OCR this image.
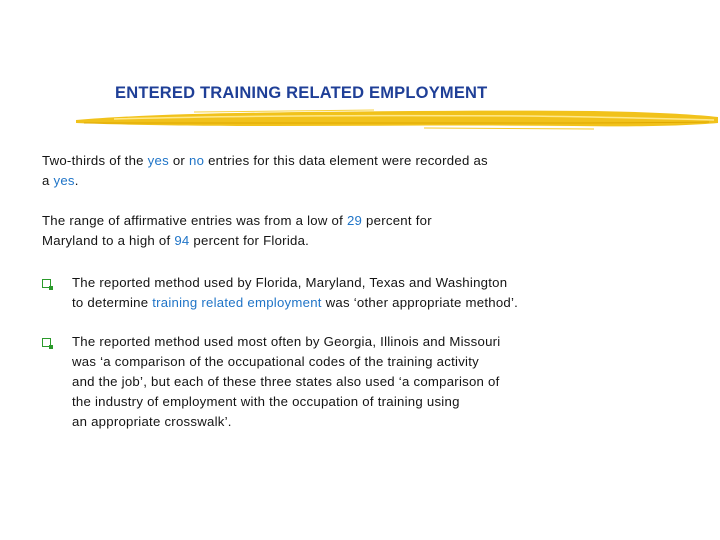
ENTERED TRAINING RELATED EMPLOYMENT

Two-thirds of the yes or no entries for this data element were recorded as
a yes.

The range of affirmative entries was from a low of 29 percent for
Maryland to a high of 94 percent for Florida.

The reported method used by Florida, Maryland, Texas and Washington
to determine training related employment was ‘other appropriate method’.

The reported method used most often by Georgia, Illinois and Missouri
was ‘a comparison of the occupational codes of the training activity
and the job’, but each of these three states also used ‘a comparison of
the industry of employment with the occupation of training using
an appropriate crosswalk’.
